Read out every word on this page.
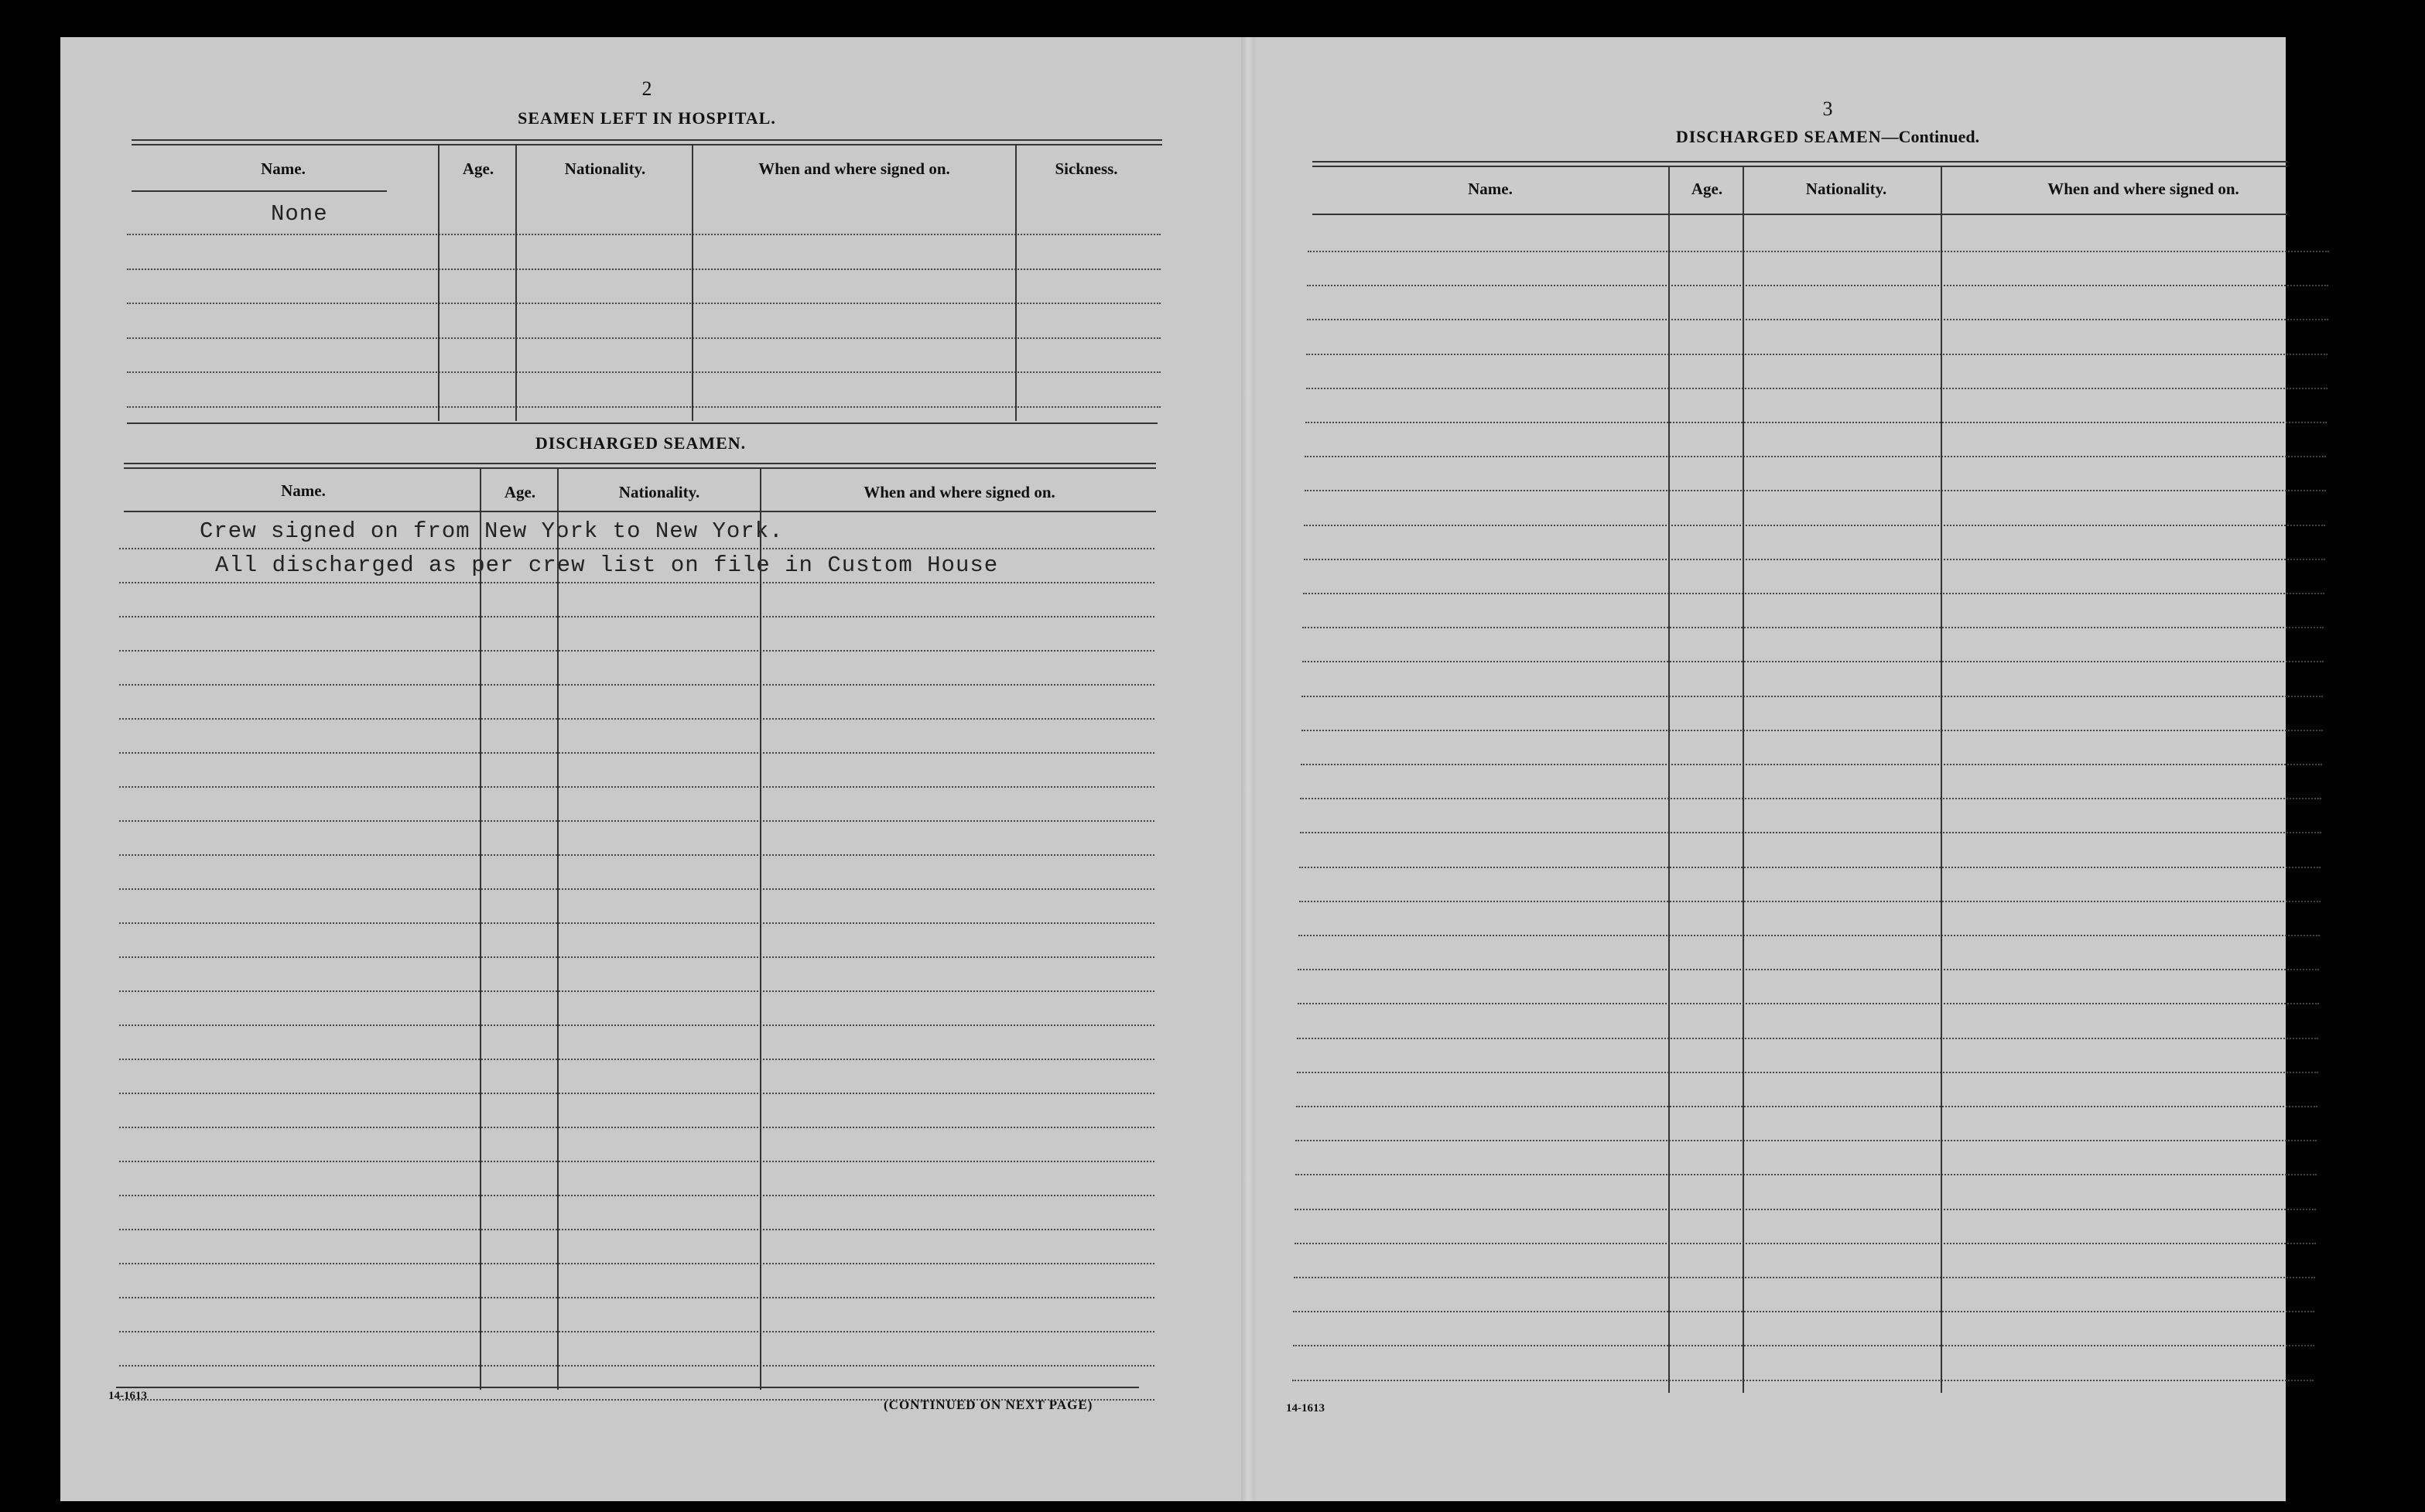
2
SEAMEN LEFT IN HOSPITAL.
Name.	Age.	Nationality.	When and where signed on.	Sickness.
None
DISCHARGED SEAMEN.
Name.	Age.	Nationality.	When and where signed on.
Crew signed on from New York to New York.
All discharged as per crew list on file in Custom House
14-1613
(CONTINUED ON NEXT PAGE)
3
DISCHARGED SEAMEN—Continued.
Name.	Age.	Nationality.	When and where signed on.
14-1613
